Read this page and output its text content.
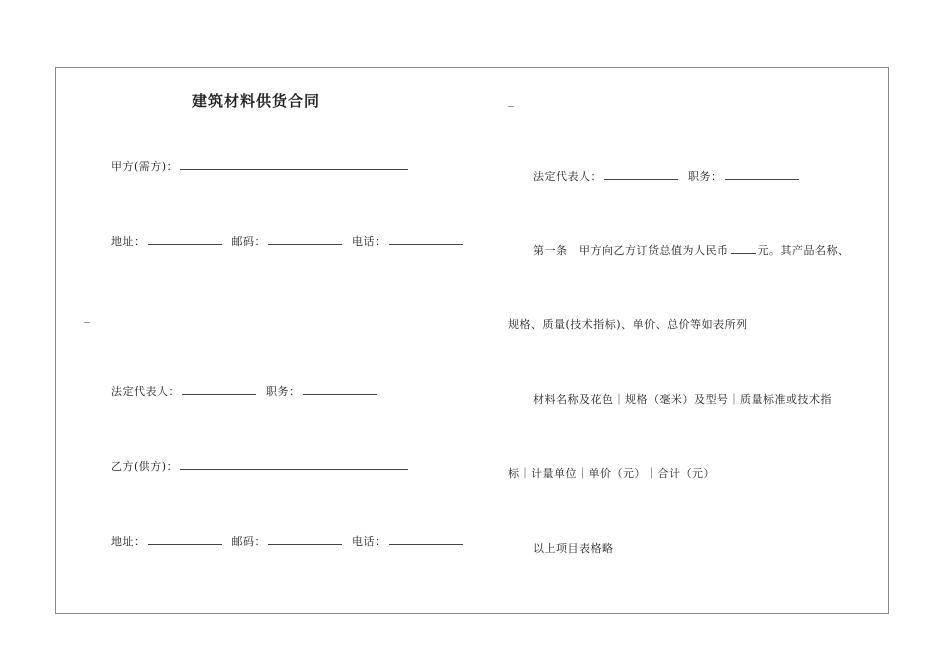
建筑材料供货合同
甲方(需方)：
地址：	邮码：	电话：
法定代表人：	职务：
乙方(供方)：
地址：	邮码：	电话：
法定代表人：	职务：
第一条　甲方向乙方订货总值为人民币	元。其产品名称、
规格、质量(技术指标)、单价、总价等如表所列
材料名称及花色｜规格（毫米）及型号｜质量标准或技术指
标｜计量单位｜单价（元）｜合计（元）
以上项目表格略
